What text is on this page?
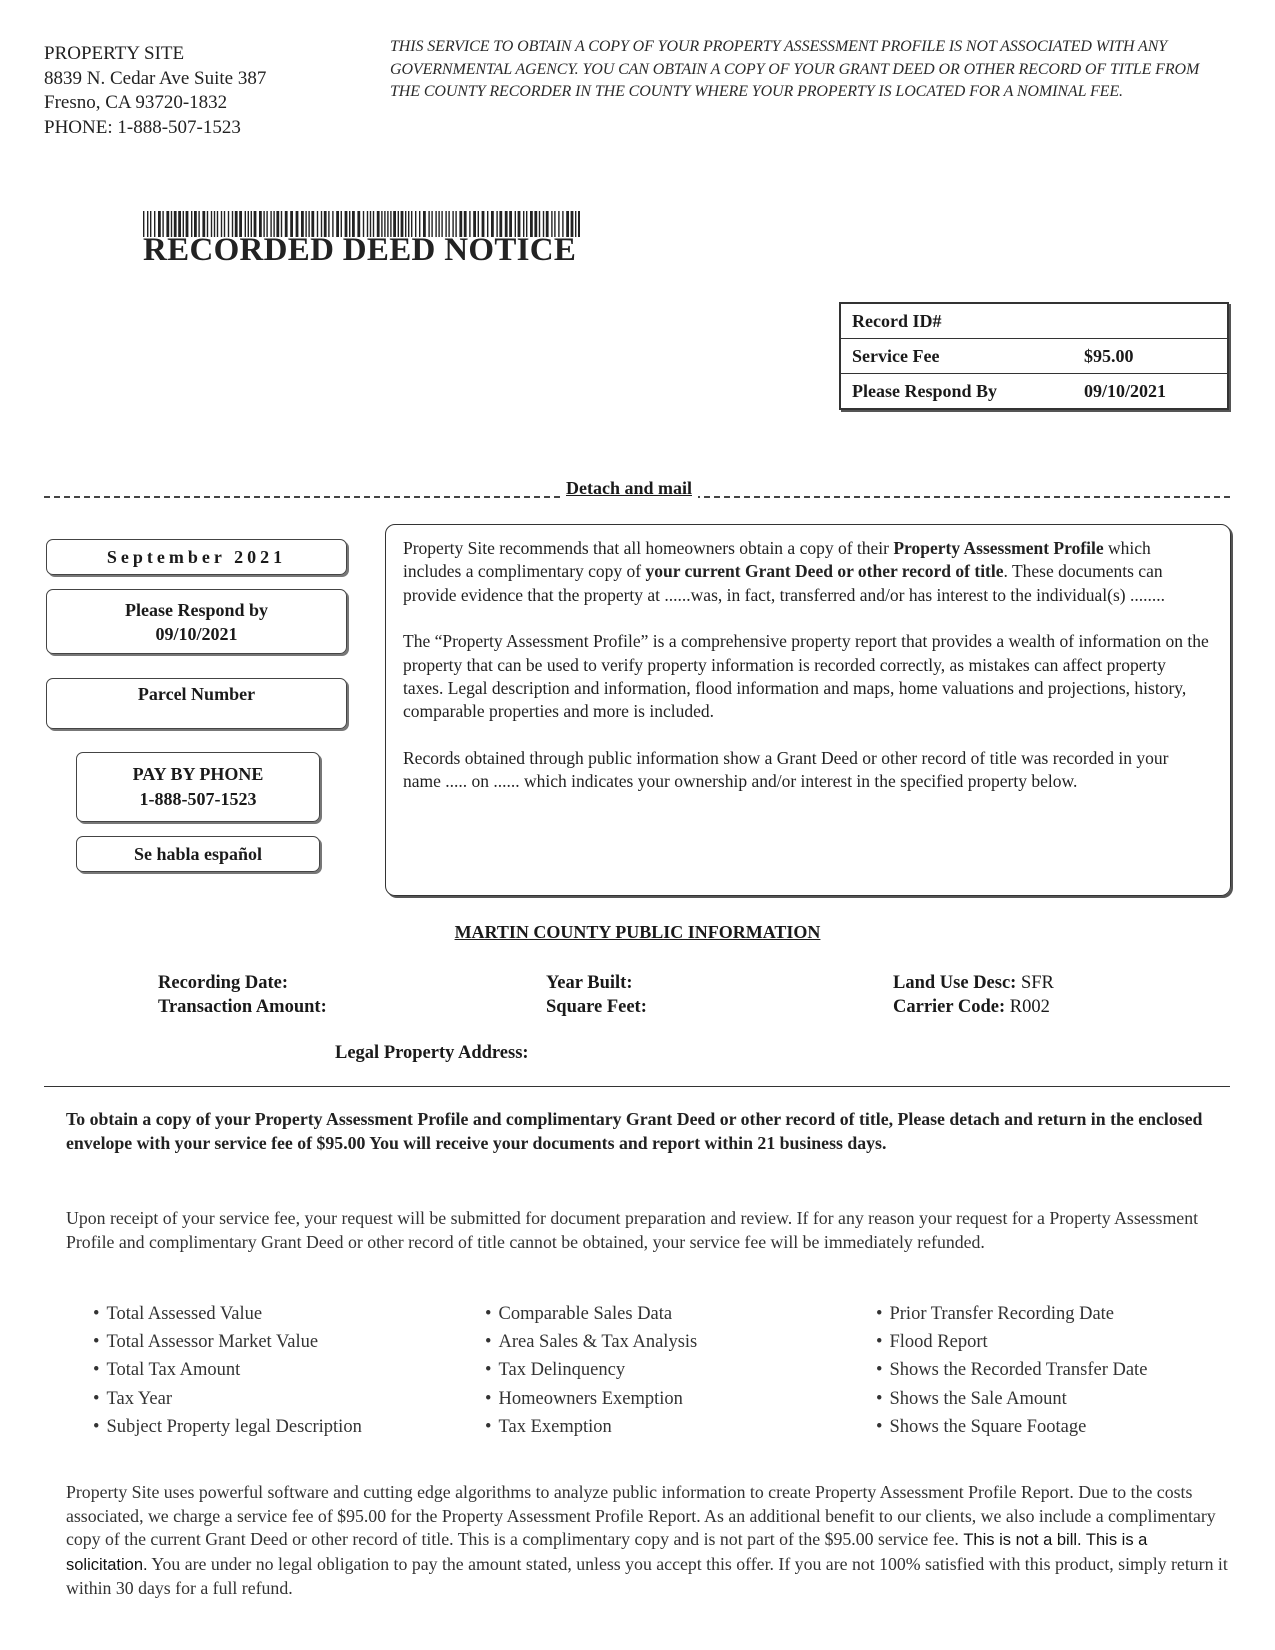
PROPERTY SITE
8839 N. Cedar Ave Suite 387
Fresno, CA 93720-1832
PHONE: 1-888-507-1523
THIS SERVICE TO OBTAIN A COPY OF YOUR PROPERTY ASSESSMENT PROFILE IS NOT ASSOCIATED WITH ANY GOVERNMENTAL AGENCY. YOU CAN OBTAIN A COPY OF YOUR GRANT DEED OR OTHER RECORD OF TITLE FROM THE COUNTY RECORDER IN THE COUNTY WHERE YOUR PROPERTY IS LOCATED FOR A NOMINAL FEE.
RECORDED DEED NOTICE
Record ID#	
Service Fee	$95.00
Please Respond By	09/10/2021
Detach and mail
September 2021
Please Respond by
09/10/2021
Parcel Number
PAY BY PHONE
1-888-507-1523
Se habla español

Property Site recommends that all homeowners obtain a copy of their Property Assessment Profile which includes a complimentary copy of your current Grant Deed or other record of title. These documents can provide evidence that the property at ......was, in fact, transferred and/or has interest to the individual(s) ........

The “Property Assessment Profile” is a comprehensive property report that provides a wealth of information on the property that can be used to verify property information is recorded correctly, as mistakes can affect property taxes. Legal description and information, flood information and maps, home valuations and projections, history, comparable properties and more is included.

Records obtained through public information show a Grant Deed or other record of title was recorded in your name ..... on ...... which indicates your ownership and/or interest in the specified property below.

MARTIN COUNTY PUBLIC INFORMATION
Recording Date:
Transaction Amount:
Year Built:
Square Feet:
Land Use Desc: SFR
Carrier Code: R002
Legal Property Address:
To obtain a copy of your Property Assessment Profile and complimentary Grant Deed or other record of title, Please detach and return in the enclosed envelope with your service fee of $95.00 You will receive your documents and report within 21 business days.
Upon receipt of your service fee, your request will be submitted for document preparation and review. If for any reason your request for a Property Assessment Profile and complimentary Grant Deed or other record of title cannot be obtained, your service fee will be immediately refunded.
• Total Assessed Value
• Total Assessor Market Value
• Total Tax Amount
• Tax Year
• Subject Property legal Description
• Comparable Sales Data
• Area Sales & Tax Analysis
• Tax Delinquency
• Homeowners Exemption
• Tax Exemption
• Prior Transfer Recording Date
• Flood Report
• Shows the Recorded Transfer Date
• Shows the Sale Amount
• Shows the Square Footage
Property Site uses powerful software and cutting edge algorithms to analyze public information to create Property Assessment Profile Report. Due to the costs associated, we charge a service fee of $95.00 for the Property Assessment Profile Report. As an additional benefit to our clients, we also include a complimentary copy of the current Grant Deed or other record of title. This is a complimentary copy and is not part of the $95.00 service fee. This is not a bill. This is a solicitation. You are under no legal obligation to pay the amount stated, unless you accept this offer. If you are not 100% satisfied with this product, simply return it within 30 days for a full refund.
